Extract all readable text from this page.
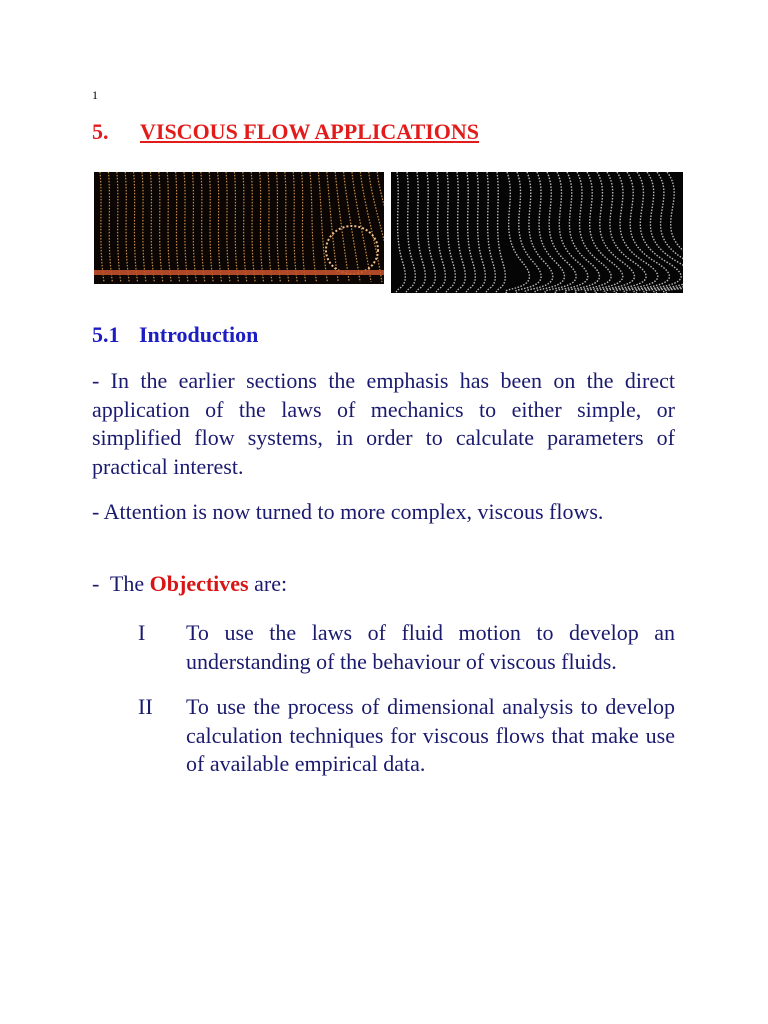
1
5. VISCOUS FLOW APPLICATIONS
5.1 Introduction
- In the earlier sections the emphasis has been on the direct application of the laws of mechanics to either simple, or simplified flow systems, in order to calculate parameters of practical interest.
- Attention is now turned to more complex, viscous flows.
-  The Objectives are:
I To use the laws of fluid motion to develop an understanding of the behaviour of viscous fluids.
II To use the process of dimensional analysis to develop calculation techniques for viscous flows that make use of available empirical data.
